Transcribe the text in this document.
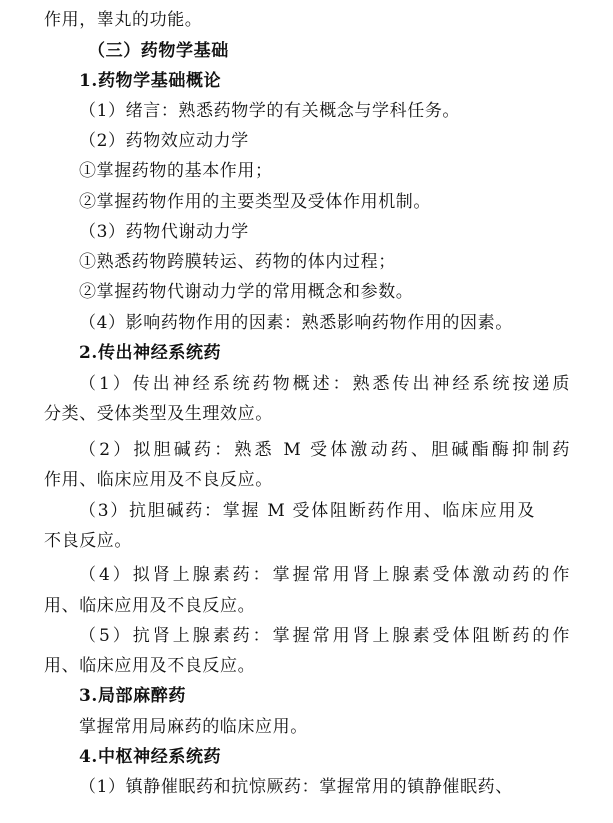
作用，睾丸的功能。
（三）药物学基础
1.药物学基础概论
（1）绪言：熟悉药物学的有关概念与学科任务。
（2）药物效应动力学
①掌握药物的基本作用；
②掌握药物作用的主要类型及受体作用机制。
（3）药物代谢动力学
①熟悉药物跨膜转运、药物的体内过程；
②掌握药物代谢动力学的常用概念和参数。
（4）影响药物作用的因素：熟悉影响药物作用的因素。
2.传出神经系统药
（1）传出神经系统药物概述：熟悉传出神经系统按递质
分类、受体类型及生理效应。
（2）拟胆碱药：熟悉 M 受体激动药、胆碱酯酶抑制药
作用、临床应用及不良反应。
（3）抗胆碱药：掌握 M 受体阻断药作用、临床应用及
不良反应。
（4）拟肾上腺素药：掌握常用肾上腺素受体激动药的作
用、临床应用及不良反应。
（5）抗肾上腺素药：掌握常用肾上腺素受体阻断药的作
用、临床应用及不良反应。
3.局部麻醉药
掌握常用局麻药的临床应用。
4.中枢神经系统药
（1）镇静催眠药和抗惊厥药：掌握常用的镇静催眠药、
